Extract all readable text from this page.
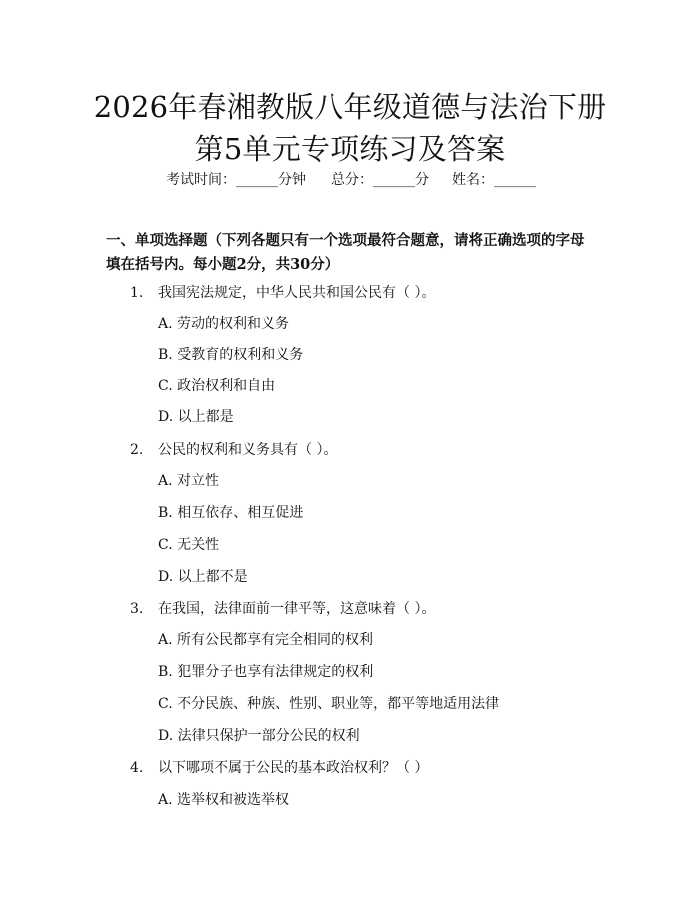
2026年春湘教版八年级道德与法治下册第5单元专项练习及答案
考试时间：______分钟 总分：______分 姓名：______
一、单项选择题（下列各题只有一个选项最符合题意，请将正确选项的字母填在括号内。每小题2分，共30分）
1.	我国宪法规定，中华人民共和国公民有（ ）。
A. 劳动的权利和义务
B. 受教育的权利和义务
C. 政治权利和自由
D. 以上都是
2.	公民的权利和义务具有（ ）。
A. 对立性
B. 相互依存、相互促进
C. 无关性
D. 以上都不是
3.	在我国，法律面前一律平等，这意味着（ ）。
A. 所有公民都享有完全相同的权利
B. 犯罪分子也享有法律规定的权利
C. 不分民族、种族、性别、职业等，都平等地适用法律
D. 法律只保护一部分公民的权利
4.	以下哪项不属于公民的基本政治权利？（ ）
A. 选举权和被选举权
